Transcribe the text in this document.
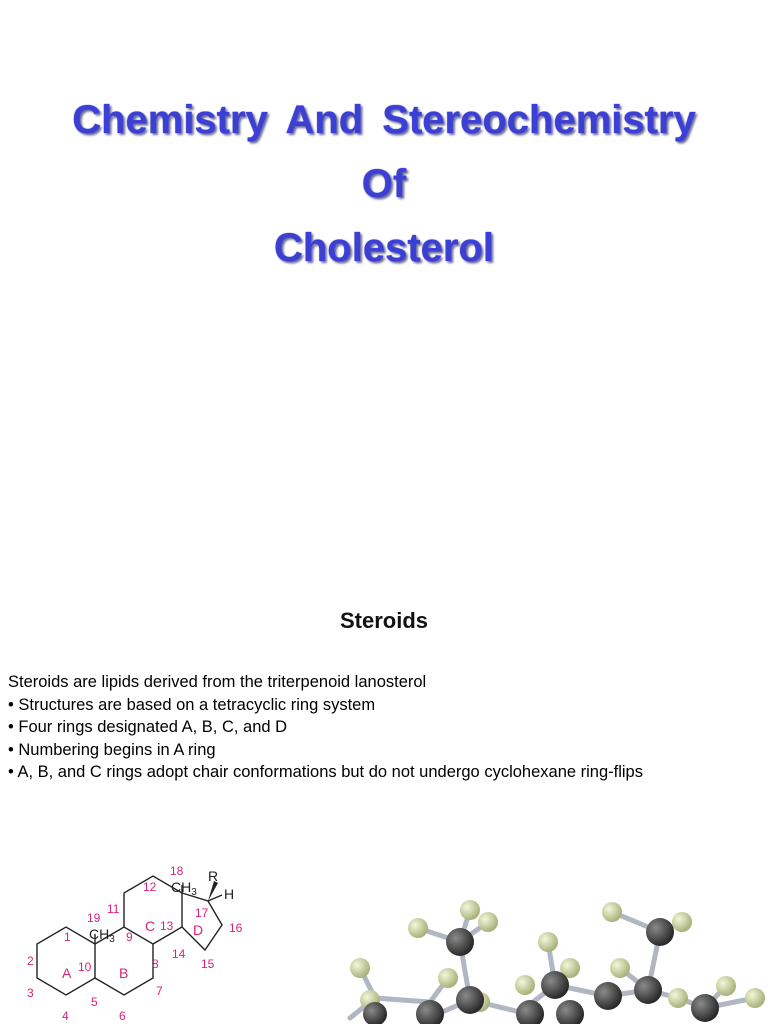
Chemistry And Stereochemistry
Of
Cholesterol
Steroids
Steroids are lipids derived from the triterpenoid lanosterol
• Structures are based on a tetracyclic ring system
• Four rings designated A, B, C, and D
• Numbering begins in A ring
• A, B, and C rings adopt chair conformations but do not undergo cyclohexane ring-flips
1
2
3
4
5
6
7
8
9
10
11
12
13
14
15
16
17
18
19
A	B
C	D
$CH_3$
$CH_3$
R
H
